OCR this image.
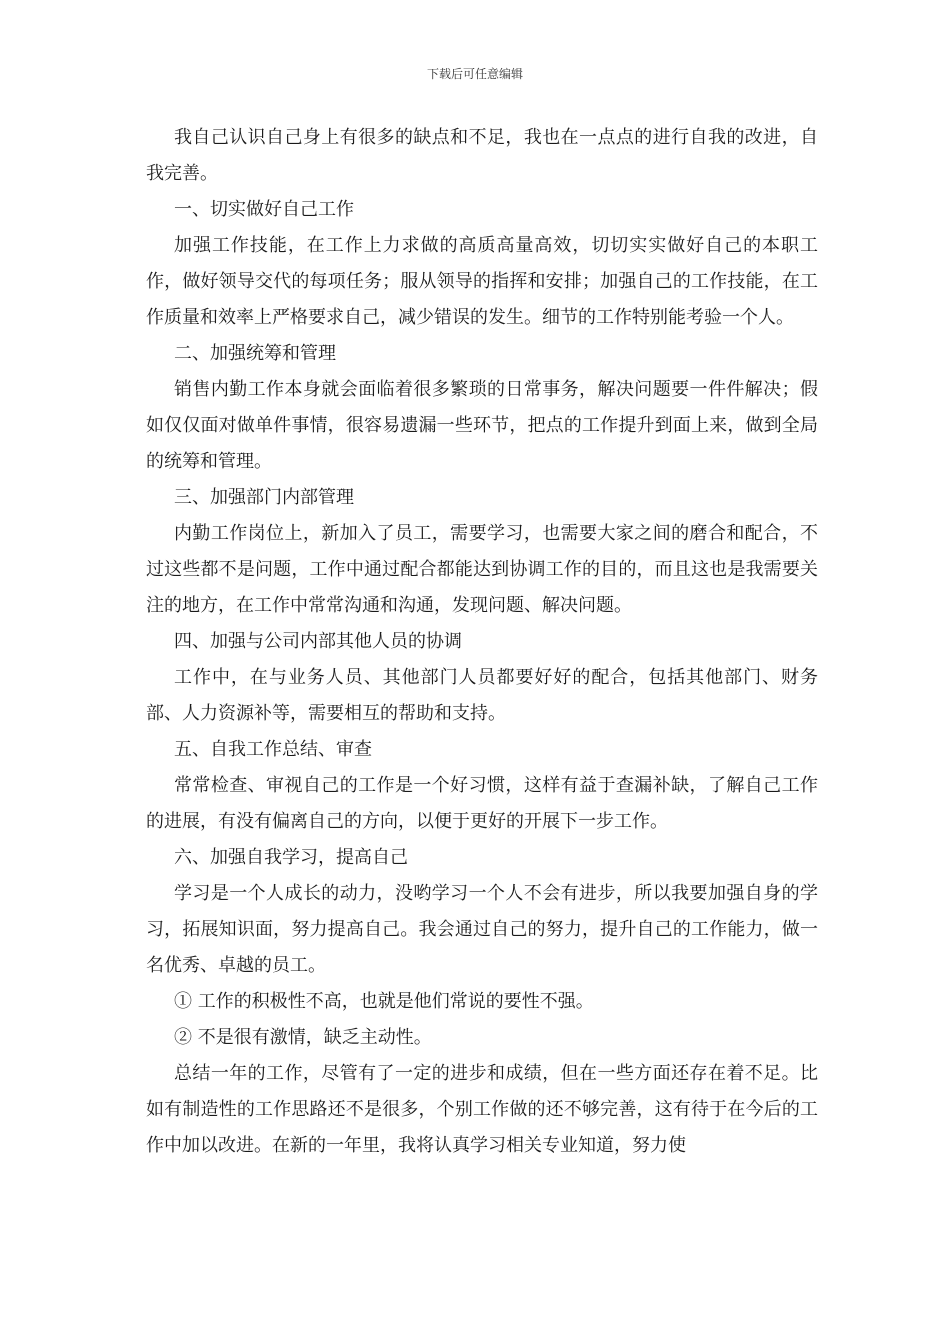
下载后可任意编辑

我自己认识自己身上有很多的缺点和不足，我也在一点点的进行自我的改进，自我完善。

一、切实做好自己工作

加强工作技能，在工作上力求做的高质高量高效，切切实实做好自己的本职工作，做好领导交代的每项任务；服从领导的指挥和安排；加强自己的工作技能，在工作质量和效率上严格要求自己，减少错误的发生。细节的工作特别能考验一个人。

二、加强统筹和管理

销售内勤工作本身就会面临着很多繁琐的日常事务，解决问题要一件件解决；假如仅仅面对做单件事情，很容易遗漏一些环节，把点的工作提升到面上来，做到全局的统筹和管理。

三、加强部门内部管理

内勤工作岗位上，新加入了员工，需要学习，也需要大家之间的磨合和配合，不过这些都不是问题，工作中通过配合都能达到协调工作的目的，而且这也是我需要关注的地方，在工作中常常沟通和沟通，发现问题、解决问题。

四、加强与公司内部其他人员的协调

工作中，在与业务人员、其他部门人员都要好好的配合，包括其他部门、财务部、人力资源补等，需要相互的帮助和支持。

五、自我工作总结、审查

常常检查、审视自己的工作是一个好习惯，这样有益于查漏补缺，了解自己工作的进展，有没有偏离自己的方向，以便于更好的开展下一步工作。

六、加强自我学习，提高自己

学习是一个人成长的动力，没哟学习一个人不会有进步，所以我要加强自身的学习，拓展知识面，努力提高自己。我会通过自己的努力，提升自己的工作能力，做一名优秀、卓越的员工。

① 工作的积极性不高，也就是他们常说的要性不强。

② 不是很有激情，缺乏主动性。

总结一年的工作，尽管有了一定的进步和成绩，但在一些方面还存在着不足。比如有制造性的工作思路还不是很多，个别工作做的还不够完善，这有待于在今后的工作中加以改进。在新的一年里，我将认真学习相关专业知道，努力使
